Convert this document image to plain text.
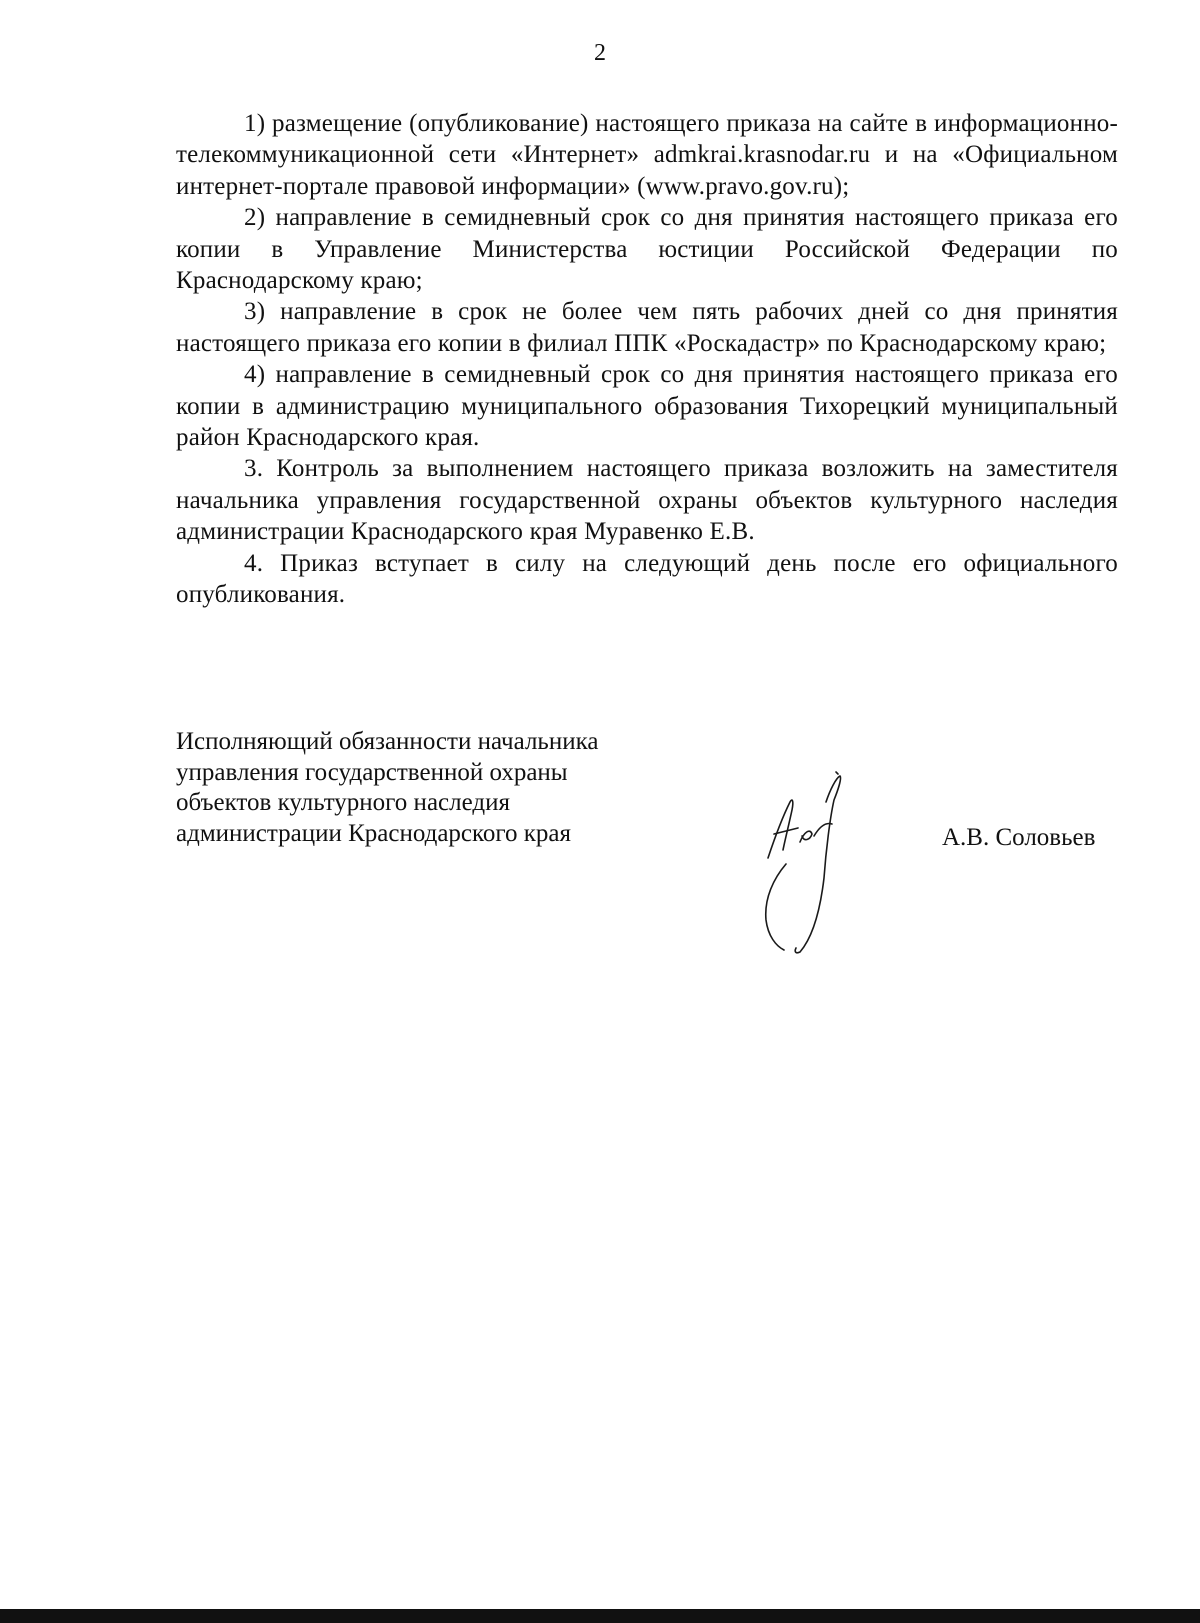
2

1) размещение (опубликование) настоящего приказа на сайте в информационно-телекоммуникационной сети «Интернет» admkrai.krasnodar.ru и на «Официальном интернет-портале правовой информации» (www.pravo.gov.ru);

2) направление в семидневный срок со дня принятия настоящего приказа его копии в Управление Министерства юстиции Российской Федерации по Краснодарскому краю;

3) направление в срок не более чем пять рабочих дней со дня принятия настоящего приказа его копии в филиал ППК «Роскадастр» по Краснодарскому краю;

4) направление в семидневный срок со дня принятия настоящего приказа его копии в администрацию муниципального образования Тихорецкий муниципальный район Краснодарского края.

3. Контроль за выполнением настоящего приказа возложить на заместителя начальника управления государственной охраны объектов культурного наследия администрации Краснодарского края Муравенко Е.В.

4. Приказ вступает в силу на следующий день после его официального опубликования.

Исполняющий обязанности начальника
управления государственной охраны
объектов культурного наследия
администрации Краснодарского края	А.В. Соловьев
